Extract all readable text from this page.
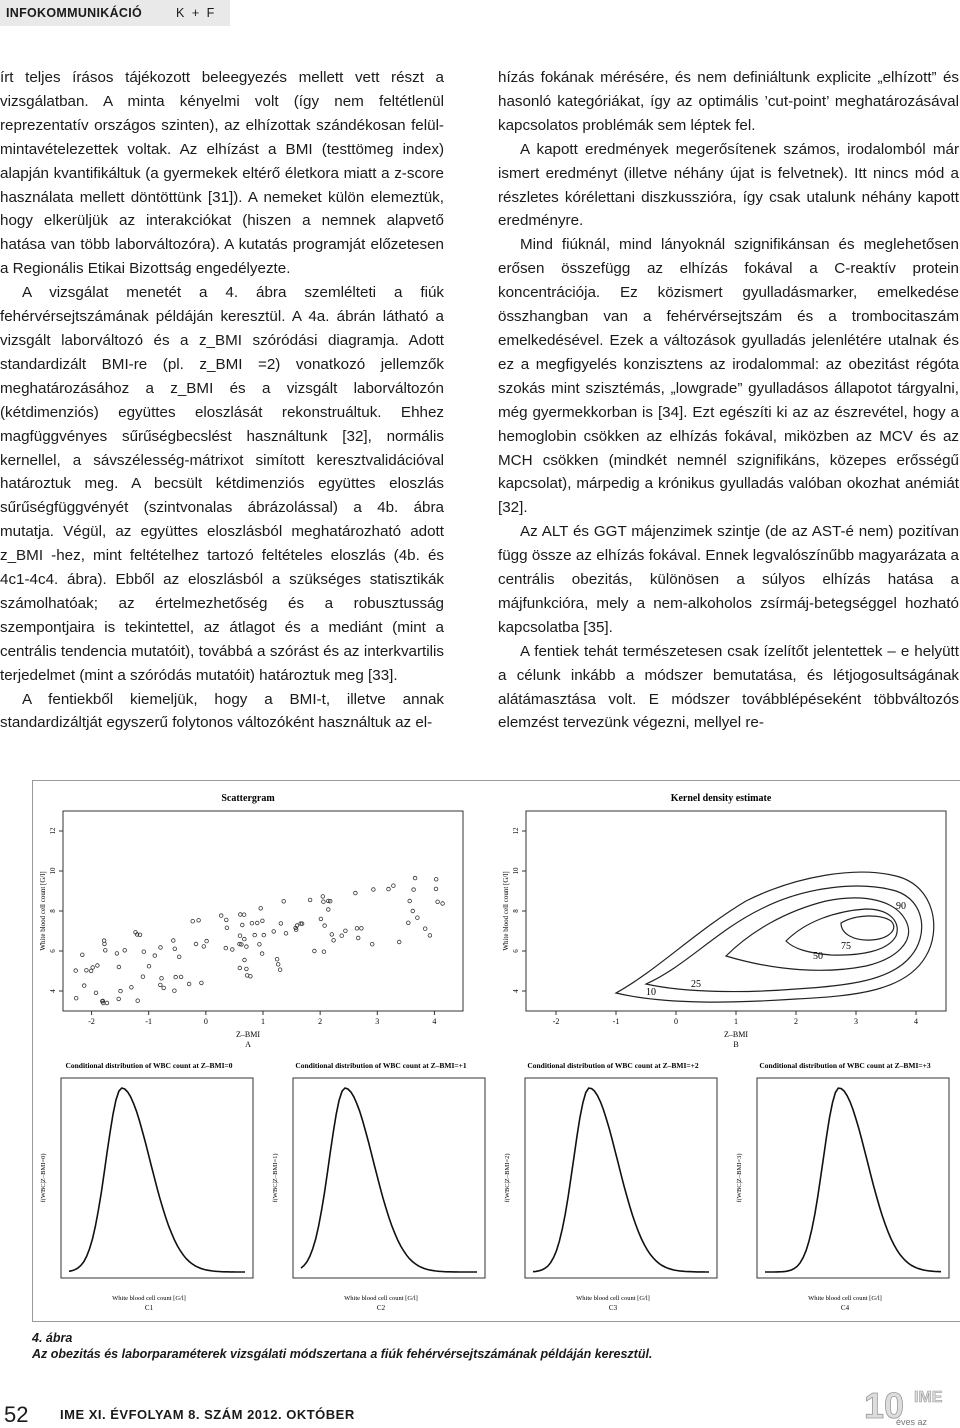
INFOKOMMUNIKÁCIÓ	K + F

írt teljes írásos tájékozott beleegyezés mellett vett részt a vizsgálatban. A minta kényelmi volt (így nem feltétlenül reprezentatív országos szinten), az elhízottak szándékosan felül-mintavételezettek voltak. Az elhízást a BMI (testtömeg index) alapján kvantifikáltuk (a gyermekek eltérő életkora miatt a z-score használata mellett döntöttünk [31]). A nemeket külön elemeztük, hogy elkerüljük az interakciókat (hiszen a nemnek alapvető hatása van több laborváltozóra). A kutatás programját előzetesen a Regionális Etikai Bizottság engedélyezte.

A vizsgálat menetét a 4. ábra szemlélteti a fiúk fehérvérsejtszámának példáján keresztül. A 4a. ábrán látható a vizsgált laborváltozó és a z_BMI szóródási diagramja. Adott standardizált BMI-re (pl. z_BMI =2) vonatkozó jellemzők meghatározásához a z_BMI és a vizsgált laborváltozón (kétdimenziós) együttes eloszlását rekonstruáltuk. Ehhez magfüggvényes sűrűségbecslést használtunk [32], normális kernellel, a sávszélesség-mátrixot simított keresztvalidációval határoztuk meg. A becsült kétdimenziós együttes eloszlás sűrűségfüggvényét (szintvonalas ábrázolással) a 4b. ábra mutatja. Végül, az együttes eloszlásból meghatározható adott z_BMI -hez, mint feltételhez tartozó feltételes eloszlás (4b. és 4c1-4c4. ábra). Ebből az eloszlásból a szükséges statisztikák számolhatóak; az értelmezhetőség és a robusztusság szempontjaira is tekintettel, az átlagot és a mediánt (mint a centrális tendencia mutatóit), továbbá a szórást és az interkvartilis terjedelmet (mint a szóródás mutatóit) határoztuk meg [33].

A fentiekből kiemeljük, hogy a BMI-t, illetve annak standardizáltját egyszerű folytonos változóként használtuk az el-

hízás fokának mérésére, és nem definiáltunk explicite „elhízott” és hasonló kategóriákat, így az optimális ’cut-point’ meghatározásával kapcsolatos problémák sem léptek fel.

A kapott eredmények megerősítenek számos, irodalomból már ismert eredményt (illetve néhány újat is felvetnek). Itt nincs mód a részletes kórélettani diszkusszióra, így csak utalunk néhány kapott eredményre.

Mind fiúknál, mind lányoknál szignifikánsan és meglehetősen erősen összefügg az elhízás fokával a C-reaktív protein koncentrációja. Ez közismert gyulladásmarker, emelkedése összhangban van a fehérvérsejtszám és a trombocitaszám emelkedésével. Ezek a változások gyulladás jelenlétére utalnak és ez a megfigyelés konzisztens az irodalommal: az obezitást régóta szokás mint szisztémás, „lowgrade” gyulladásos állapotot tárgyalni, még gyermekkorban is [34]. Ezt egészíti ki az az észrevétel, hogy a hemoglobin csökken az elhízás fokával, miközben az MCV és az MCH csökken (mindkét nemnél szignifikáns, közepes erősségű kapcsolat), márpedig a krónikus gyulladás valóban okozhat anémiát [32].

Az ALT és GGT májenzimek szintje (de az AST-é nem) pozitívan függ össze az elhízás fokával. Ennek legvalószínűbb magyarázata a centrális obezitás, különösen a súlyos elhízás hatása a májfunkcióra, mely a nem-alkoholos zsírmáj-betegséggel hozható kapcsolatba [35].

A fentiek tehát természetesen csak ízelítőt jelentettek – e helyütt a célunk inkább a módszer bemutatása, és létjogosultságának alátámasztása volt. E módszer továbblépéseként többváltozós elemzést tervezünk végezni, mellyel re-

Scattergram
-2	-1	0	1	2	3	4
4
6
8
10
12
Z–BMI
A
White blood cell count [G/l]
Kernel density estimate
90
75
50
25
10
-2	-1	0	1	2	3	4
4
6
8
10
12
Z–BMI
B
White blood cell count [G/l]
Conditional distribution of WBC count at Z–BMI=0
f(WBC|Z–BMI=0)
White blood cell count [G/l]
C1
Conditional distribution of WBC count at Z–BMI=+1
f(WBC|Z–BMI=1)
White blood cell count [G/l]
C2
Conditional distribution of WBC count at Z–BMI=+2
f(WBC|Z–BMI=2)
White blood cell count [G/l]
C3
Conditional distribution of WBC count at Z–BMI=+3
f(WBC|Z–BMI=3)
White blood cell count [G/l]
C4
4. ábra
Az obezitás és laborparaméterek vizsgálati módszertana a fiúk fehérvérsejtszámának példáján keresztül.
52 IME XI. ÉVFOLYAM 8. SZÁM 2012. OKTÓBER	10 IME
éves az
